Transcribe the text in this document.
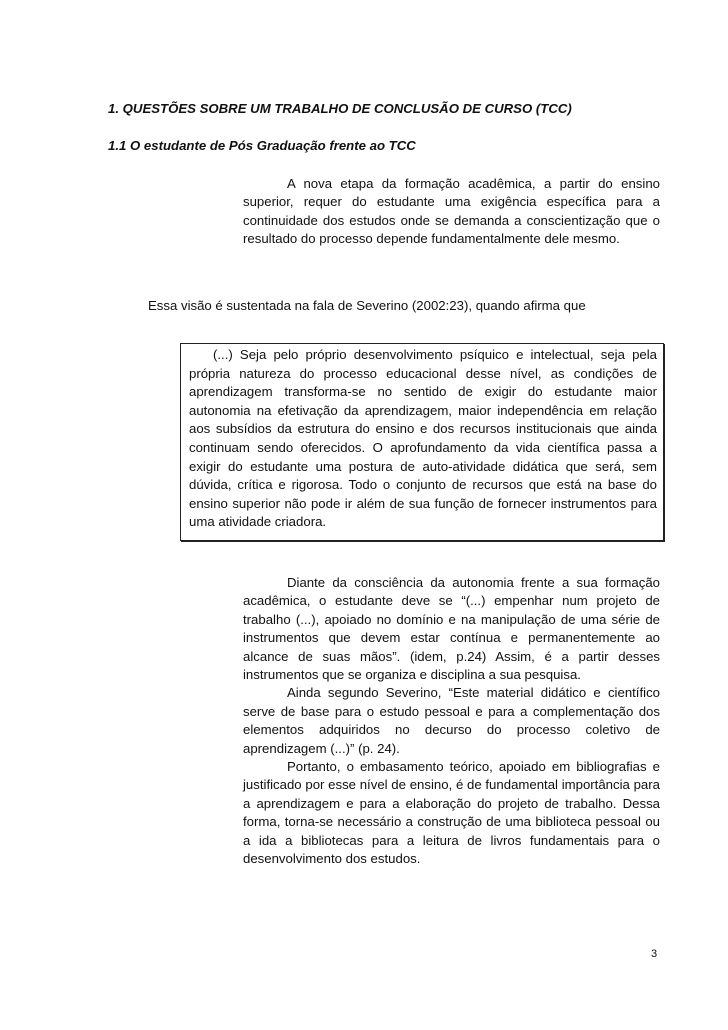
1. QUESTÕES SOBRE UM TRABALHO DE CONCLUSÃO DE CURSO (TCC)
1.1 O estudante de Pós Graduação frente ao TCC
A nova etapa da formação acadêmica, a partir do ensino superior, requer do estudante uma exigência específica para a continuidade dos estudos onde se demanda a conscientização que o resultado do processo depende fundamentalmente dele mesmo.
Essa visão é sustentada na fala de Severino (2002:23), quando afirma que

(...) Seja pelo próprio desenvolvimento psíquico e intelectual, seja pela própria natureza do processo educacional desse nível, as condições de aprendizagem transforma-se no sentido de exigir do estudante maior autonomia na efetivação da aprendizagem, maior independência em relação aos subsídios da estrutura do ensino e dos recursos institucionais que ainda continuam sendo oferecidos. O aprofundamento da vida científica passa a exigir do estudante uma postura de auto-atividade didática que será, sem dúvida, crítica e rigorosa. Todo o conjunto de recursos que está na base do ensino superior não pode ir além de sua função de fornecer instrumentos para uma atividade criadora.

Diante da consciência da autonomia frente a sua formação acadêmica, o estudante deve se “(...) empenhar num projeto de trabalho (...), apoiado no domínio e na manipulação de uma série de instrumentos que devem estar contínua e permanentemente ao alcance de suas mãos”. (idem, p.24) Assim, é a partir desses instrumentos que se organiza e disciplina a sua pesquisa.

Ainda segundo Severino, “Este material didático e científico serve de base para o estudo pessoal e para a complementação dos elementos adquiridos no decurso do processo coletivo de aprendizagem (...)” (p. 24).

Portanto, o embasamento teórico, apoiado em bibliografias e justificado por esse nível de ensino, é de fundamental importância para a aprendizagem e para a elaboração do projeto de trabalho. Dessa forma, torna-se necessário a construção de uma biblioteca pessoal ou a ida a bibliotecas para a leitura de livros fundamentais para o desenvolvimento dos estudos.

3
